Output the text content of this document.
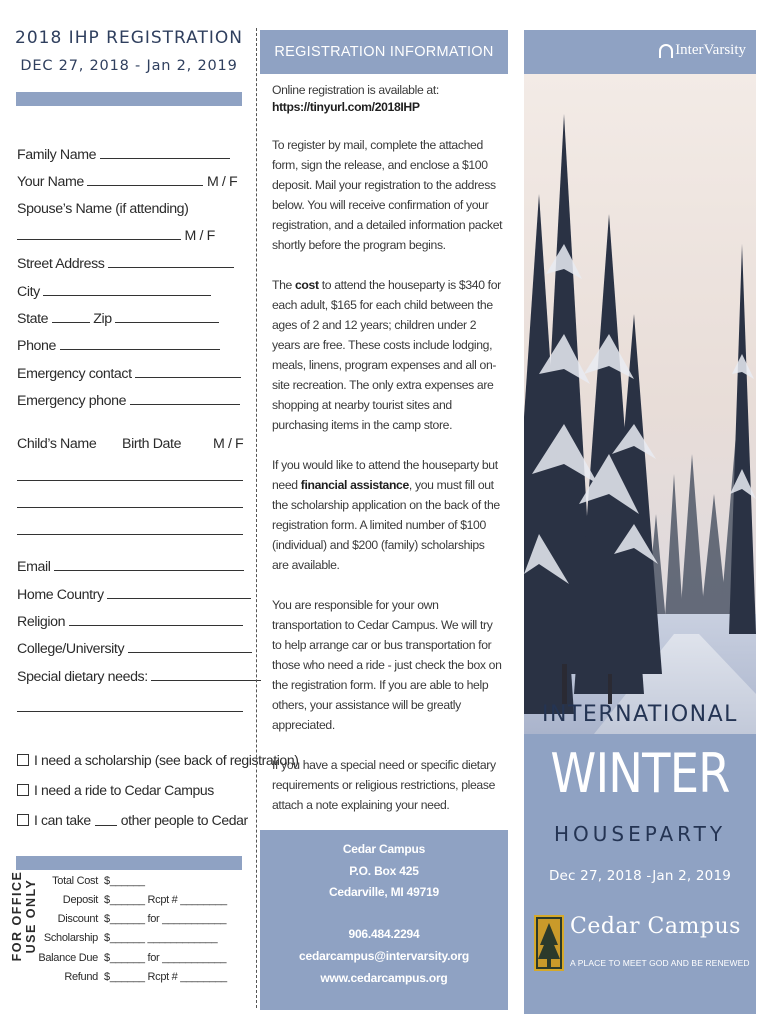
2018 IHP REGISTRATION
DEC 27, 2018 - Jan 2, 2019
Family Name
Your Name	M / F
Spouse’s Name (if attending)
M / F
Street Address
City
State	Zip
Phone
Emergency contact
Emergency phone
Child’s Name Birth Date M / F
Email
Home Country
Religion
College/University
Special dietary needs:
I need a scholarship (see back of registration)
I need a ride to Cedar Campus
I can take other people to Cedar
FOR OFFICE USE ONLY	Total Cost $______
Deposit $______ Rcpt # ________
Discount $______ for ___________
Scholarship $______ ____________
Balance Due $______ for ___________
Refund $______ Rcpt # ________
REGISTRATION INFORMATION
Online registration is available at:
https://tinyurl.com/2018IHP
To register by mail, complete the attached form, sign the release, and enclose a $100 deposit. Mail your registration to the address below. You will receive confirmation of your registration, and a detailed information packet shortly before the program begins.
The cost to attend the houseparty is $340 for each adult, $165 for each child between the ages of 2 and 12 years; children under 2 years are free. These costs include lodging, meals, linens, program expenses and all on-site recreation. The only extra expenses are shopping at nearby tourist sites and purchasing items in the camp store.
If you would like to attend the houseparty but need financial assistance, you must fill out the scholarship application on the back of the registration form. A limited number of $100 (individual) and $200 (family) scholarships are available.
You are responsible for your own transportation to Cedar Campus. We will try to help arrange car or bus transportation for those who need a ride - just check the box on the registration form. If you are able to help others, your assistance will be greatly appreciated.
If you have a special need or specific dietary requirements or religious restrictions, please attach a note explaining your need.
Cedar Campus
P.O. Box 425
Cedarville, MI 49719
906.484.2294
cedarcampus@intervarsity.org
www.cedarcampus.org
InterVarsity
INTERNATIONAL
WINTER
HOUSEPARTY
Dec 27, 2018 -Jan 2, 2019
Cedar Campus
A PLACE TO MEET GOD AND BE RENEWED
